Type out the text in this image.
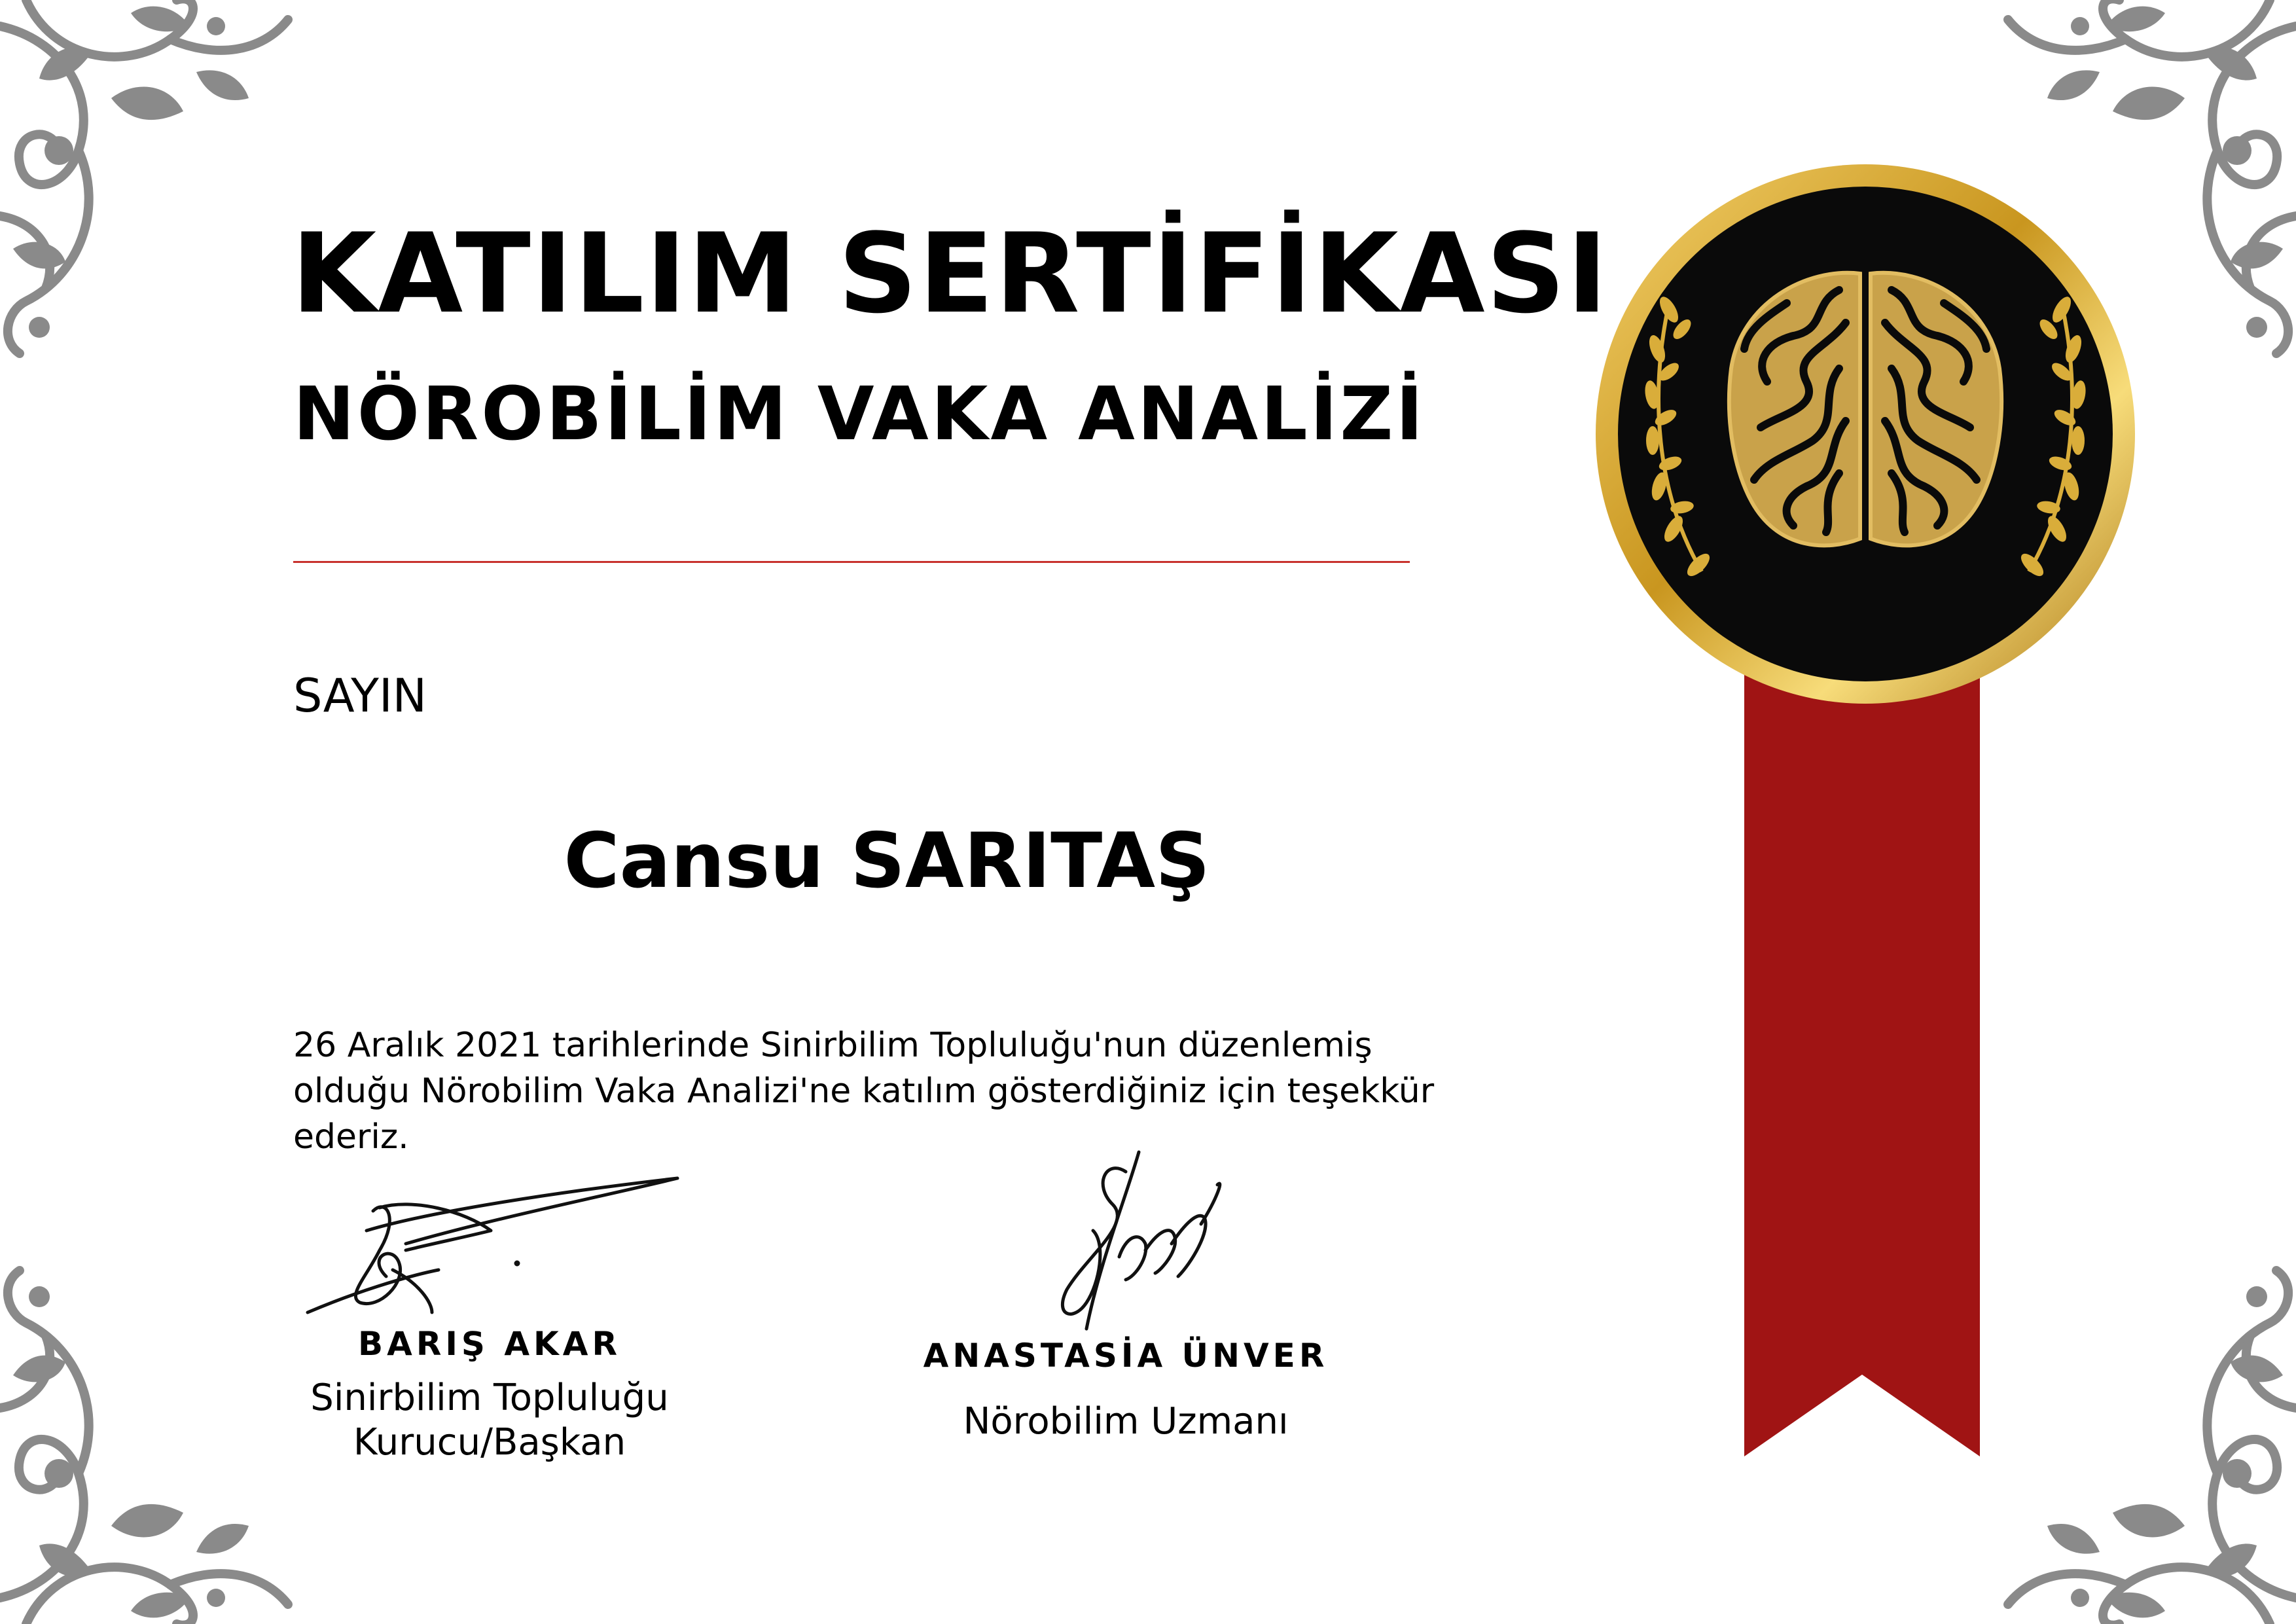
KATILIM SERTİFİKASI
NÖROBİLİM VAKA ANALİZİ
SAYIN
Cansu SARITAŞ
26 Aralık 2021 tarihlerinde Sinirbilim Topluluğu'nun düzenlemiş olduğu Nörobilim Vaka Analizi'ne katılım gösterdiğiniz için teşekkür ederiz.
BARIŞ AKAR
Sinirbilim Topluluğu
Kurucu/Başkan
ANASTASİA ÜNVER
Nörobilim Uzmanı
